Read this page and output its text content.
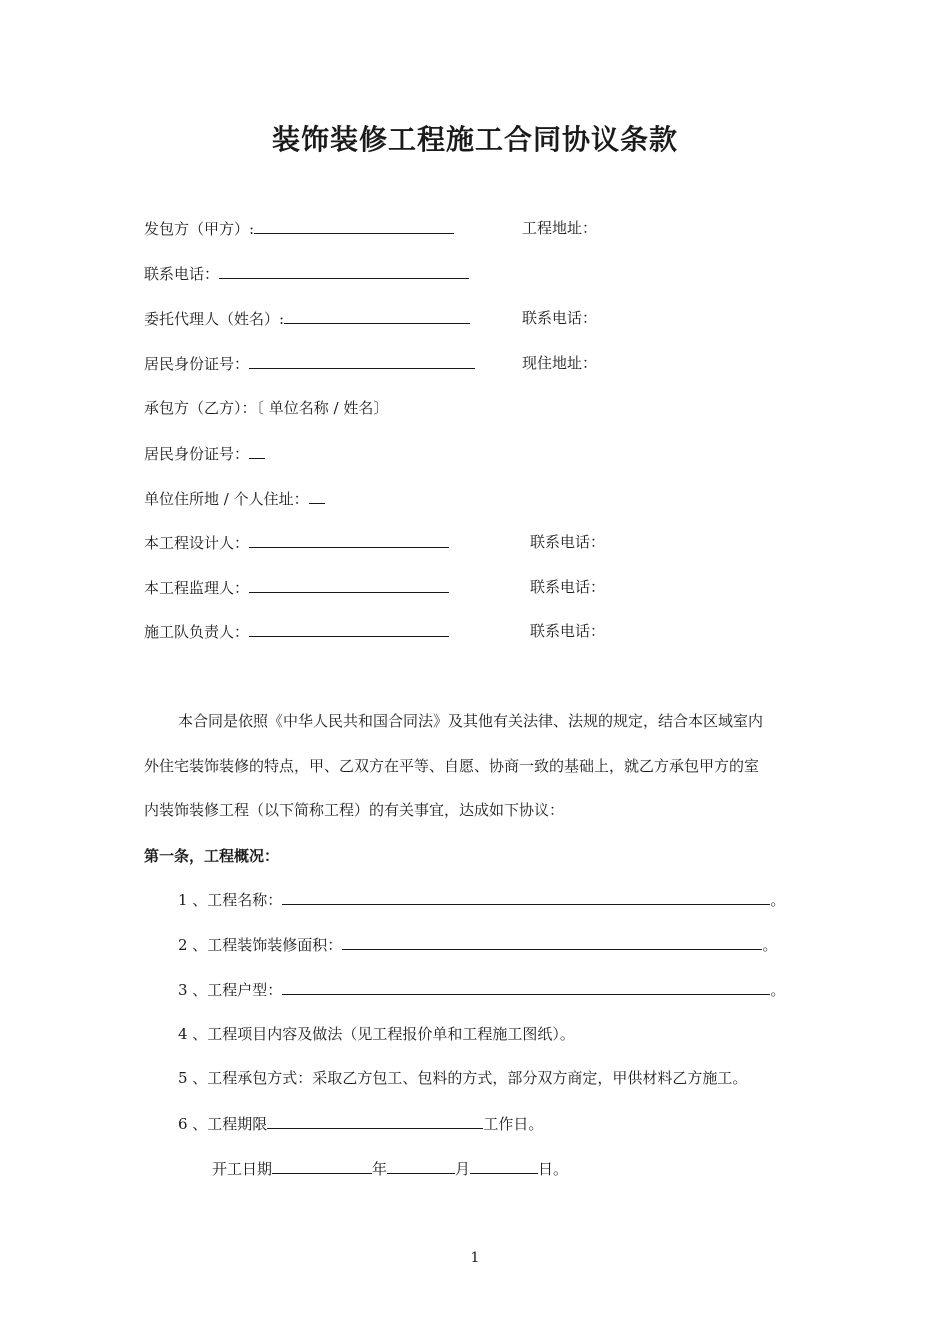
装饰装修工程施工合同协议条款
发包方（甲方）:	工程地址：
联系电话：
委托代理人（姓名）:	联系电话：
居民身份证号：	现住地址：
承包方（乙方）：〔 单位名称 / 姓名〕
居民身份证号：
单位住所地 / 个人住址：
本工程设计人：	联系电话：
本工程监理人：	联系电话：
施工队负责人：	联系电话：
本合同是依照《中华人民共和国合同法》及其他有关法律、法规的规定，结合本区域室内
外住宅装饰装修的特点，甲、乙双方在平等、自愿、协商一致的基础上，就乙方承包甲方的室
内装饰装修工程（以下简称工程）的有关事宜，达成如下协议：
第一条，工程概况：
1 、工程名称：	。
2 、工程装饰装修面积：	。
3 、工程户型：	。
4 、工程项目内容及做法（见工程报价单和工程施工图纸）。
5 、工程承包方式：采取乙方包工、包料的方式，部分双方商定，甲供材料乙方施工。
6 、工程期限	工作日。
开工日期	年	月	日。
1
